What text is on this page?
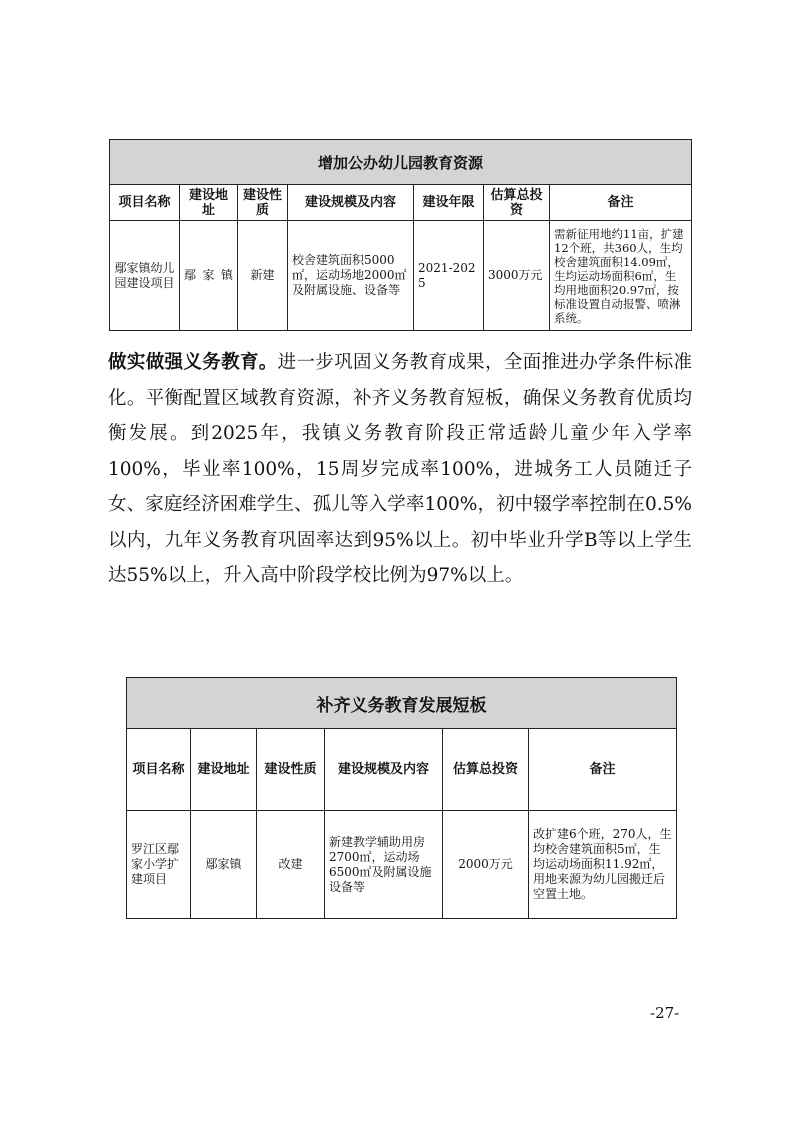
增加公办幼儿园教育资源						
项目名称	建设地址	建设性质	建设规模及内容	建设年限	估算总投资	备注
鄢家镇幼儿园建设项目	鄢家镇	新建	校舍建筑面积5000㎡，运动场地2000㎡及附属设施、设备等	2021-2025	3000万元	需新征用地约11亩，扩建12个班，共360人，生均校舍建筑面积14.09㎡，生均运动场面积6㎡，生均用地面积20.97㎡，按标准设置自动报警、喷淋系统。

做实做强义务教育。进一步巩固义务教育成果，全面推进办学条件标准化。平衡配置区域教育资源，补齐义务教育短板，确保义务教育优质均衡发展。到2025年，我镇义务教育阶段正常适龄儿童少年入学率100%，毕业率100%，15周岁完成率100%，进城务工人员随迁子女、家庭经济困难学生、孤儿等入学率100%，初中辍学率控制在0.5%以内，九年义务教育巩固率达到95%以上。初中毕业升学B等以上学生达55%以上，升入高中阶段学校比例为97%以上。

补齐义务教育发展短板					
项目名称	建设地址	建设性质	建设规模及内容	估算总投资	备注
罗江区鄢家小学扩建项目	鄢家镇	改建	新建教学辅助用房2700㎡，运动场6500㎡及附属设施设备等	2000万元	改扩建6个班，270人，生均校舍建筑面积5㎡，生均运动场面积11.92㎡，用地来源为幼儿园搬迁后空置土地。
-27-
